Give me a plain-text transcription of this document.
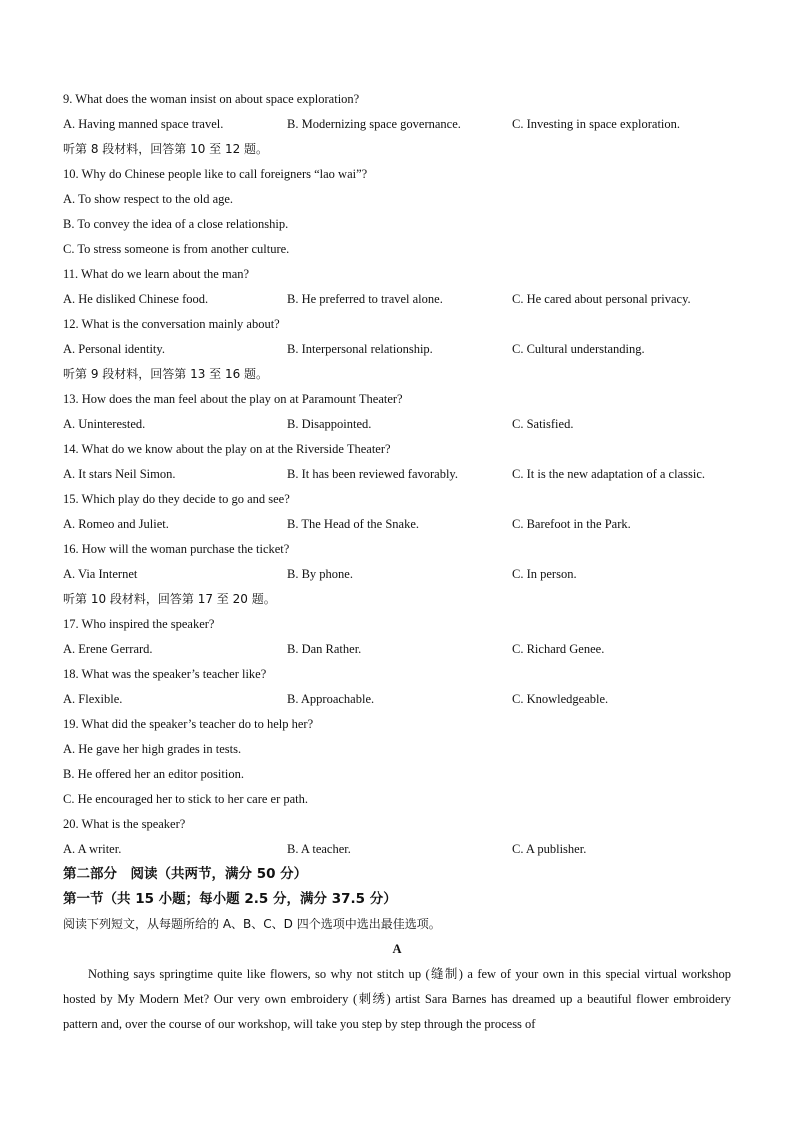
9. What does the woman insist on about space exploration?
A. Having manned space travel.	B. Modernizing space governance.	C. Investing in space exploration.
听第 8 段材料，回答第 10 至 12 题。
10. Why do Chinese people like to call foreigners “lao wai”?
A. To show respect to the old age.
B. To convey the idea of a close relationship.
C. To stress someone is from another culture.
11. What do we learn about the man?
A. He disliked Chinese food.	B. He preferred to travel alone.	C. He cared about personal privacy.
12. What is the conversation mainly about?
A. Personal identity.	B. Interpersonal relationship.	C. Cultural understanding.
听第 9 段材料，回答第 13 至 16 题。
13. How does the man feel about the play on at Paramount Theater?
A. Uninterested.	B. Disappointed.	C. Satisfied.
14. What do we know about the play on at the Riverside Theater?
A. It stars Neil Simon.	B. It has been reviewed favorably.	C. It is the new adaptation of a classic.
15. Which play do they decide to go and see?
A. Romeo and Juliet.	B. The Head of the Snake.	C. Barefoot in the Park.
16. How will the woman purchase the ticket?
A. Via Internet	B. By phone.	C. In person.
听第 10 段材料，回答第 17 至 20 题。
17. Who inspired the speaker?
A. Erene Gerrard.	B. Dan Rather.	C. Richard Genee.
18. What was the speaker’s teacher like?
A. Flexible.	B. Approachable.	C. Knowledgeable.
19. What did the speaker’s teacher do to help her?
A. He gave her high grades in tests.
B. He offered her an editor position.
C. He encouraged her to stick to her care er path.
20. What is the speaker?
A. A writer.	B. A teacher.	C. A publisher.
第二部分　阅读（共两节，满分 50 分）
第一节（共 15 小题；每小题 2.5 分，满分 37.5 分）
阅读下列短文，从每题所给的 A、B、C、D 四个选项中选出最佳选项。
A

Nothing says springtime quite like flowers, so why not stitch up (缝制) a few of your own in this special virtual workshop hosted by My Modern Met? Our very own embroidery (刺绣) artist Sara Barnes has dreamed up a beautiful flower embroidery pattern and, over the course of our workshop, will take you step by step through the process of
